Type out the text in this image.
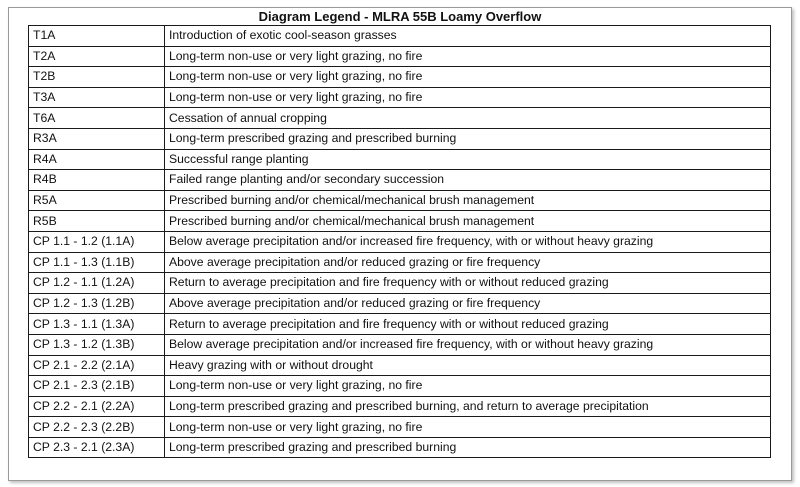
Diagram Legend - MLRA 55B Loamy Overflow
T1A	Introduction of exotic cool-season grasses
T2A	Long-term non-use or very light grazing, no fire
T2B	Long-term non-use or very light grazing, no fire
T3A	Long-term non-use or very light grazing, no fire
T6A	Cessation of annual cropping
R3A	Long-term prescribed grazing and prescribed burning
R4A	Successful range planting
R4B	Failed range planting and/or secondary succession
R5A	Prescribed burning and/or chemical/mechanical brush management
R5B	Prescribed burning and/or chemical/mechanical brush management
CP 1.1 - 1.2 (1.1A)	Below average precipitation and/or increased fire frequency, with or without heavy grazing
CP 1.1 - 1.3 (1.1B)	Above average precipitation and/or reduced grazing or fire frequency
CP 1.2 - 1.1 (1.2A)	Return to average precipitation and fire frequency with or without reduced grazing
CP 1.2 - 1.3 (1.2B)	Above average precipitation and/or reduced grazing or fire frequency
CP 1.3 - 1.1 (1.3A)	Return to average precipitation and fire frequency with or without reduced grazing
CP 1.3 - 1.2 (1.3B)	Below average precipitation and/or increased fire frequency, with or without heavy grazing
CP 2.1 - 2.2 (2.1A)	Heavy grazing with or without drought
CP 2.1 - 2.3 (2.1B)	Long-term non-use or very light grazing, no fire
CP 2.2 - 2.1 (2.2A)	Long-term prescribed grazing and prescribed burning, and return to average precipitation
CP 2.2 - 2.3 (2.2B)	Long-term non-use or very light grazing, no fire
CP 2.3 - 2.1 (2.3A)	Long-term prescribed grazing and prescribed burning
